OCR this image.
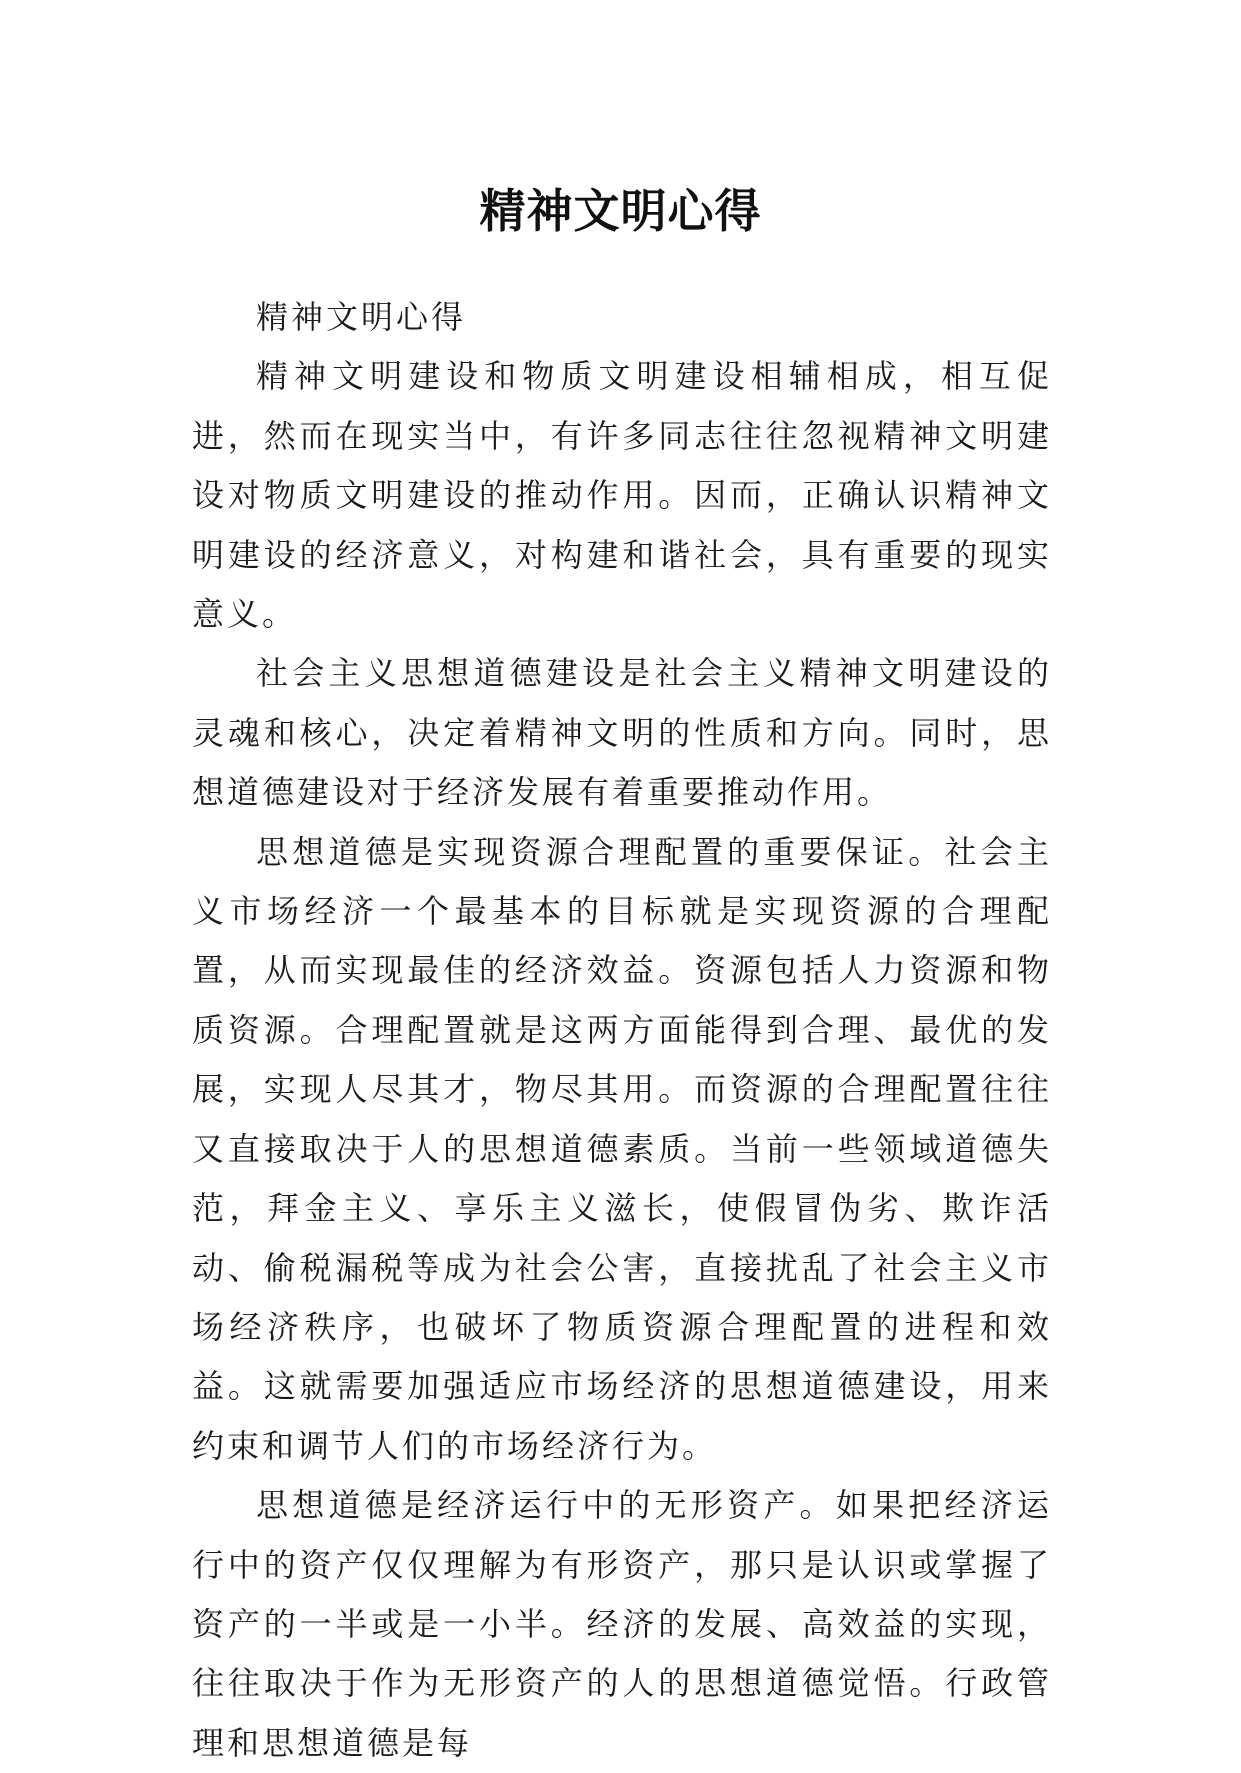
精神文明心得

精神文明心得

精神文明建设和物质文明建设相辅相成，相互促进，然而在现实当中，有许多同志往往忽视精神文明建设对物质文明建设的推动作用。因而，正确认识精神文明建设的经济意义，对构建和谐社会，具有重要的现实意义。

社会主义思想道德建设是社会主义精神文明建设的灵魂和核心，决定着精神文明的性质和方向。同时，思想道德建设对于经济发展有着重要推动作用。

思想道德是实现资源合理配置的重要保证。社会主义市场经济一个最基本的目标就是实现资源的合理配置，从而实现最佳的经济效益。资源包括人力资源和物质资源。合理配置就是这两方面能得到合理、最优的发展，实现人尽其才，物尽其用。而资源的合理配置往往又直接取决于人的思想道德素质。当前一些领域道德失范，拜金主义、享乐主义滋长，使假冒伪劣、欺诈活动、偷税漏税等成为社会公害，直接扰乱了社会主义市场经济秩序，也破坏了物质资源合理配置的进程和效益。这就需要加强适应市场经济的思想道德建设，用来约束和调节人们的市场经济行为。

思想道德是经济运行中的无形资产。如果把经济运行中的资产仅仅理解为有形资产，那只是认识或掌握了资产的一半或是一小半。经济的发展、高效益的实现，往往取决于作为无形资产的人的思想道德觉悟。行政管理和思想道德是每
